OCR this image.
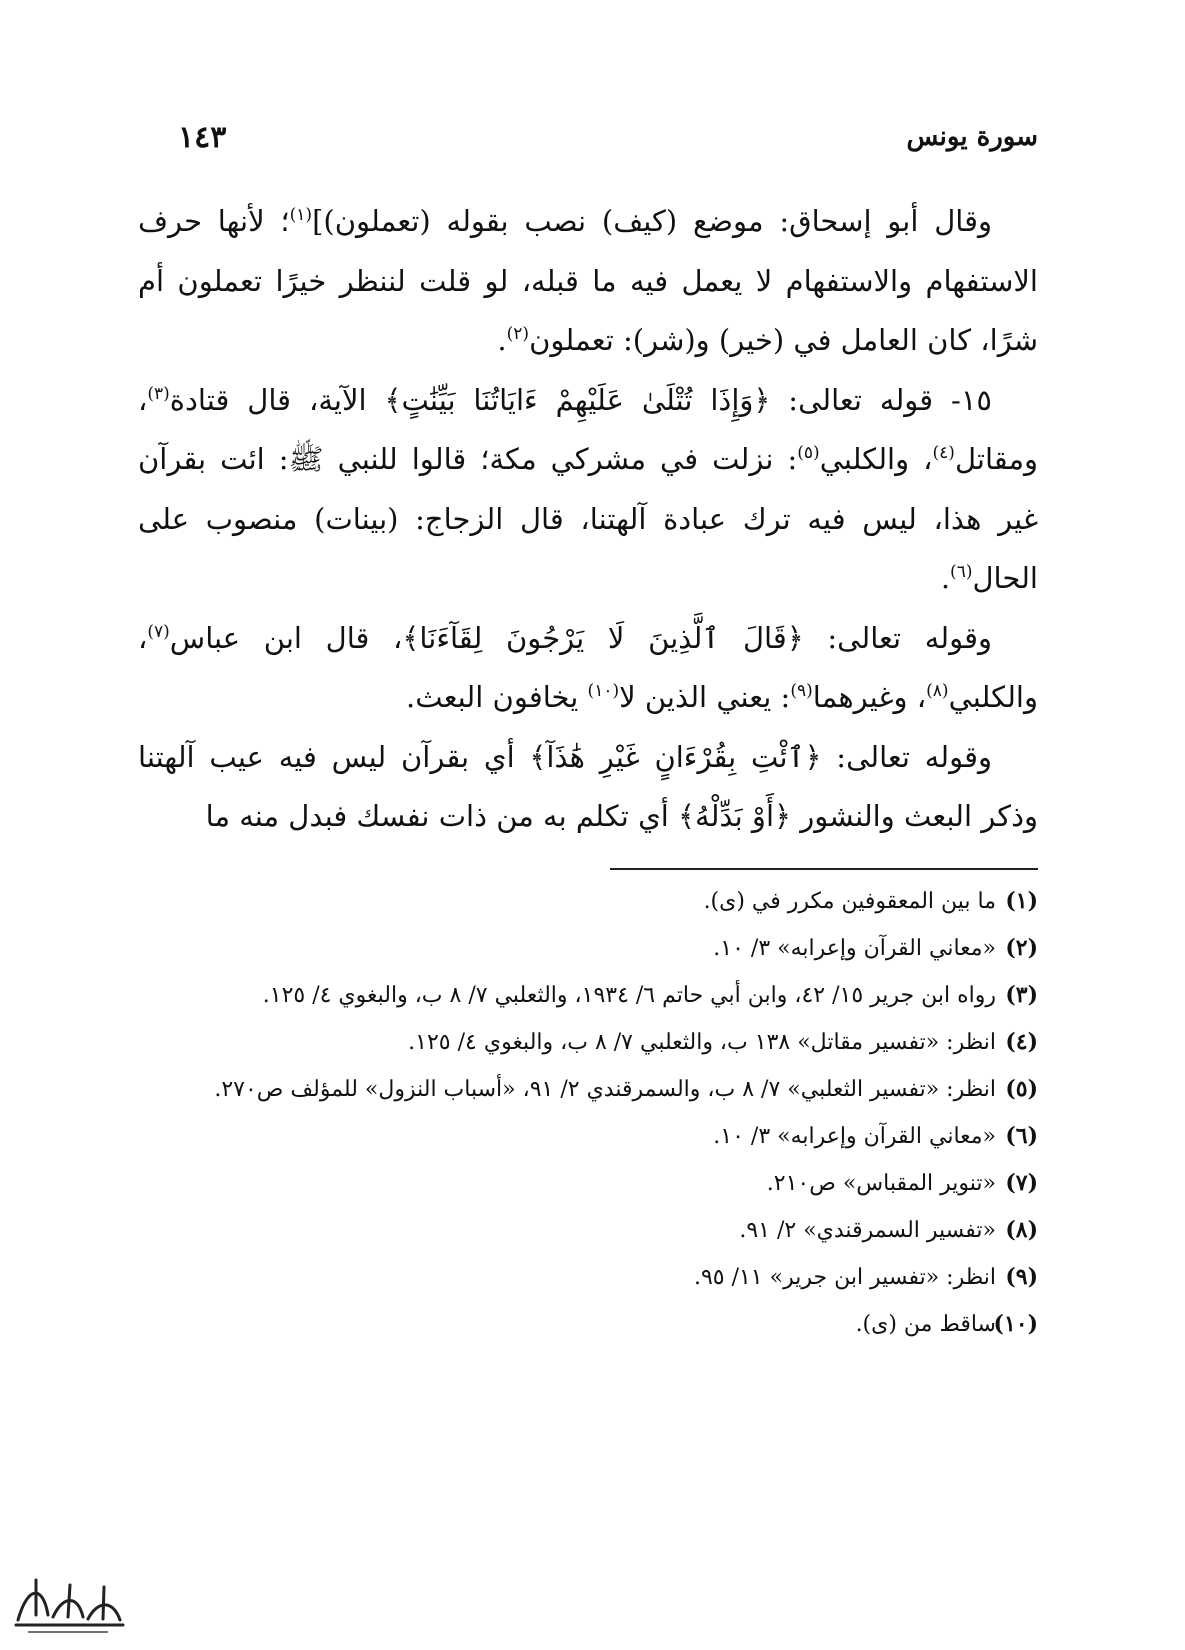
سورة يونس
١٤٣

وقال أبو إسحاق: موضع (كيف) نصب بقوله (تعملون)]$^{(١)}$؛ لأنها حرف الاستفهام والاستفهام لا يعمل فيه ما قبله، لو قلت لننظر خيرًا تعملون أم شرًا، كان العامل في (خير) و(شر): تعملون$^{(٢)}$.

١٥- قوله تعالى: ﴿وَإِذَا تُتْلَىٰ عَلَيْهِمْ ءَايَاتُنَا بَيِّنَٰتٍ﴾ الآية، قال قتادة$^{(٣)}$، ومقاتل$^{(٤)}$، والكلبي$^{(٥)}$: نزلت في مشركي مكة؛ قالوا للنبي ﷺ: ائت بقرآن غير هذا، ليس فيه ترك عبادة آلهتنا، قال الزجاج: (بينات) منصوب على الحال$^{(٦)}$.

وقوله تعالى: ﴿قَالَ ٱلَّذِينَ لَا يَرْجُونَ لِقَآءَنَا﴾، قال ابن عباس$^{(٧)}$، والكلبي$^{(٨)}$، وغيرهما$^{(٩)}$: يعني الذين لا$^{(١٠)}$ يخافون البعث.

وقوله تعالى: ﴿ٱئْتِ بِقُرْءَانٍ غَيْرِ هَٰذَآ﴾ أي بقرآن ليس فيه عيب آلهتنا وذكر البعث والنشور ﴿أَوْ بَدِّلْهُ﴾ أي تكلم به من ذات نفسك فبدل منه ما

(١)
ما بين المعقوفين مكرر في (ى).
(٢)
«معاني القرآن وإعرابه» ٣/ ١٠.
(٣)
رواه ابن جرير ١٥/ ٤٢، وابن أبي حاتم ٦/ ١٩٣٤، والثعلبي ٧/ ٨ ب، والبغوي ٤/ ١٢٥.
(٤)
انظر: «تفسير مقاتل» ١٣٨ ب، والثعلبي ٧/ ٨ ب، والبغوي ٤/ ١٢٥.
(٥)
انظر: «تفسير الثعلبي» ٧/ ٨ ب، والسمرقندي ٢/ ٩١، «أسباب النزول» للمؤلف ص٢٧٠.
(٦)
«معاني القرآن وإعرابه» ٣/ ١٠.
(٧)
«تنوير المقباس» ص٢١٠.
(٨)
«تفسير السمرقندي» ٢/ ٩١.
(٩)
انظر: «تفسير ابن جرير» ١١/ ٩٥.
(١٠)
ساقط من (ى).
